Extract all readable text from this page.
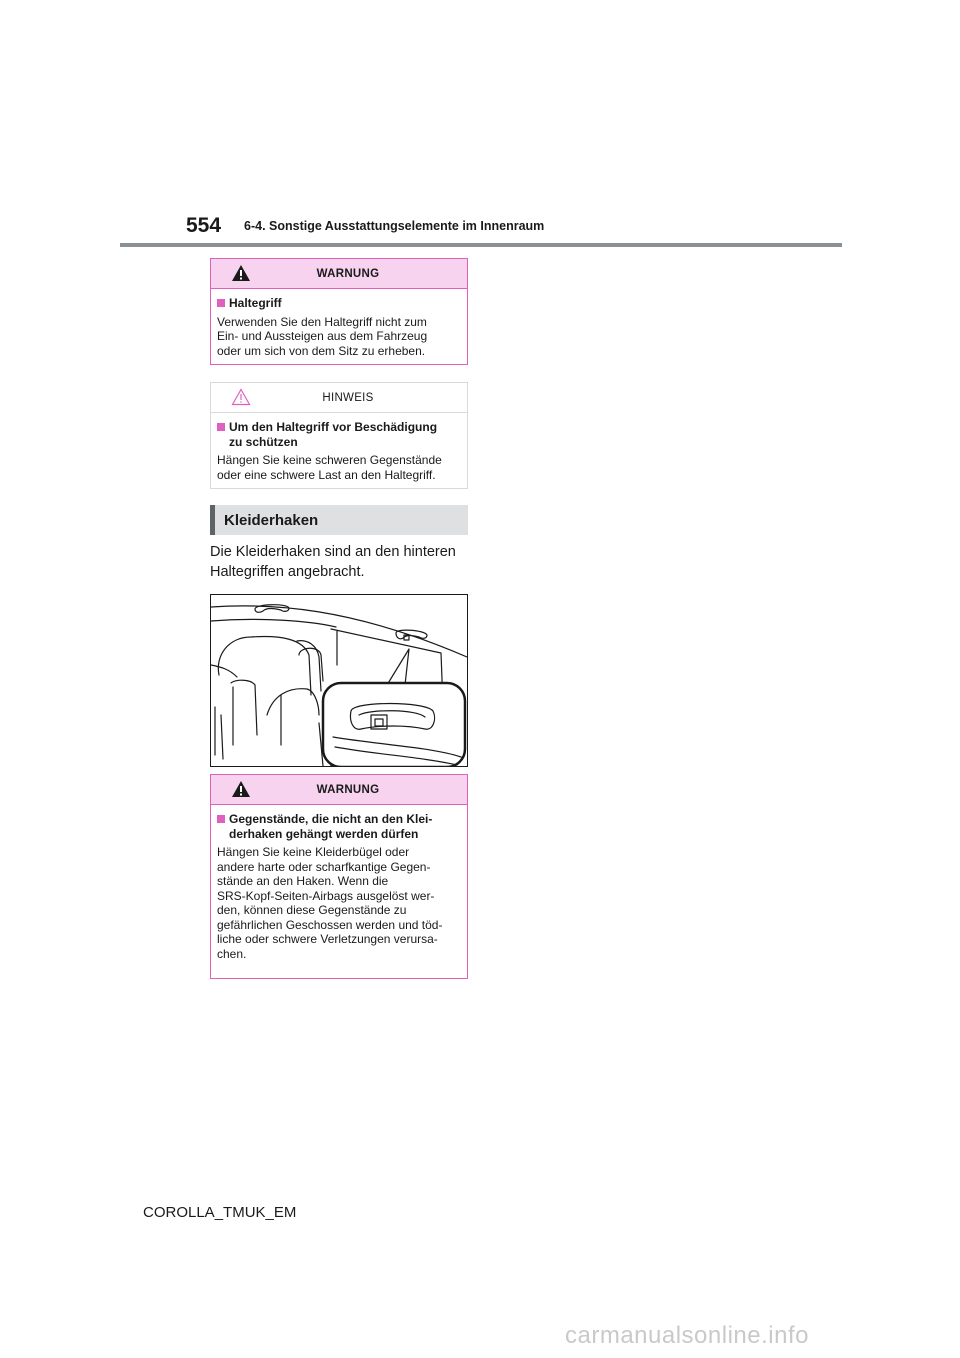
554 6-4. Sonstige Ausstattungselemente im Innenraum
WARNUNG
Haltegriff
Verwenden Sie den Haltegriff nicht zum
Ein- und Aussteigen aus dem Fahrzeug
oder um sich von dem Sitz zu erheben.
HINWEIS
Um den Haltegriff vor Beschädigung
zu schützen
Hängen Sie keine schweren Gegenstände
oder eine schwere Last an den Haltegriff.
Kleiderhaken
Die Kleiderhaken sind an den hinteren
Haltegriffen angebracht.
WARNUNG
Gegenstände, die nicht an den Klei-
derhaken gehängt werden dürfen
Hängen Sie keine Kleiderbügel oder
andere harte oder scharfkantige Gegen-
stände an den Haken. Wenn die
SRS-Kopf-Seiten-Airbags ausgelöst wer-
den, können diese Gegenstände zu
gefährlichen Geschossen werden und töd-
liche oder schwere Verletzungen verursa-
chen.
COROLLA_TMUK_EM
carmanualsonline.info
